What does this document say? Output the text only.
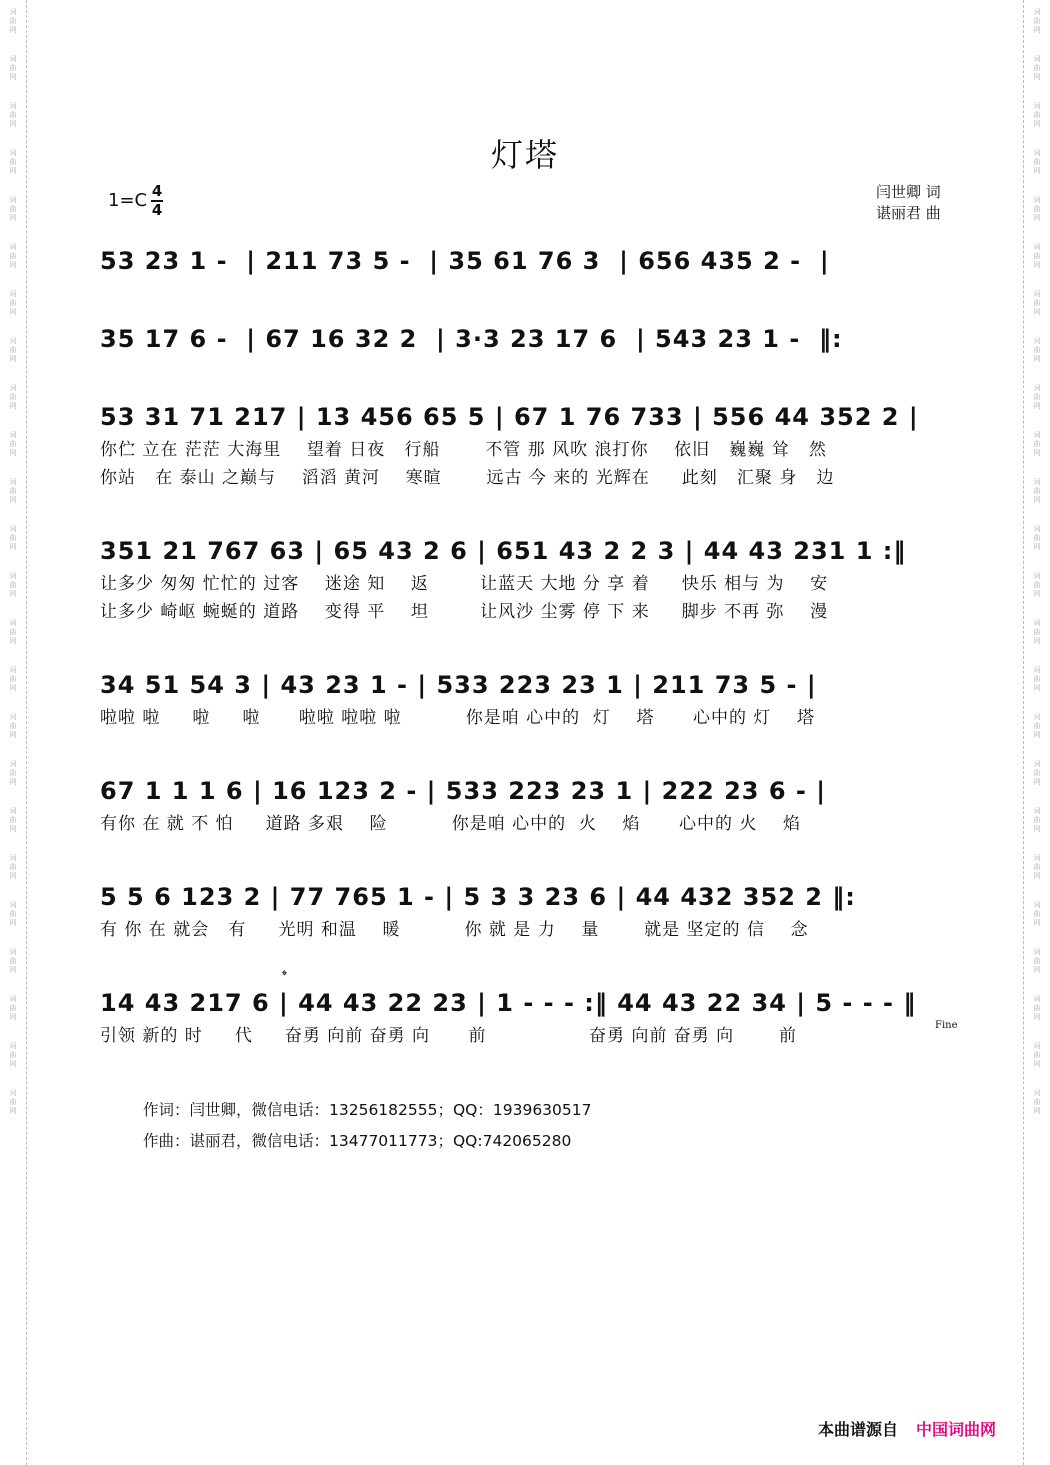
词曲网
词曲网
词曲网
词曲网
词曲网
词曲网
词曲网
词曲网
词曲网
词曲网
词曲网
词曲网
词曲网
词曲网
词曲网
词曲网
词曲网
词曲网
词曲网
词曲网
词曲网
词曲网
词曲网
词曲网
词曲网
词曲网
词曲网
词曲网
词曲网
词曲网
词曲网
词曲网
词曲网
词曲网
词曲网
词曲网
词曲网
词曲网
词曲网
词曲网
词曲网
词曲网
词曲网
词曲网
词曲网
词曲网
词曲网
词曲网
灯塔
1=C 4
4
闫世卿 词
谌丽君 曲
53 23 1 -  | 211 73 5 -  | 35 61 76 3  | 656 435 2 -  |
35 17 6 -  | 67 16 32 2  | 3·3 23 17 6  | 543 23 1 -  ‖:
53 31 71 217 | 13 456 65 5 | 67 1 76 733 | 556 44 352 2 |
你伫 立在 茫茫 大海里    望着 日夜   行船       不管 那 风吹 浪打你    依旧   巍巍 耸   然
你站   在 泰山 之巅与    滔滔 黄河    寒暄       远古 今 来的 光辉在     此刻   汇聚 身   边
351 21 767 63 | 65 43 2 6 | 651 43 2 2 3 | 44 43 231 1 :‖
让多少 匆匆 忙忙的 过客    迷途 知    返        让蓝天 大地 分 享 着     快乐 相与 为    安
让多少 崎岖 蜿蜒的 道路    变得 平    坦        让风沙 尘雾 停 下 来     脚步 不再 弥    漫
34 51 54 3 | 43 23 1 - | 533 223 23 1 | 211 73 5 - |
啦啦 啦     啦     啦      啦啦 啦啦 啦          你是咱 心中的  灯    塔      心中的 灯    塔
67 1 1 1 6 | 16 123 2 - | 533 223 23 1 | 222 23 6 - |
有你 在 就 不 怕     道路 多艰    险          你是咱 心中的  火    焰      心中的 火    焰
5 5 6 123 2 | 77 765 1 - | 5 3 3 23 6 | 44 432 352 2 ‖:
有 你 在 就会   有     光明 和温    暖          你 就 是 力    量       就是 坚定的 信    念
14 43 217 6 | 44 43 22 23 | 1 - - - :‖ 44 43 22 34 | 5 - - - ‖
引领 新的 时     代     奋勇 向前 奋勇 向      前                奋勇 向前 奋勇 向       前
𝄌
Fine
作词：闫世卿，微信电话：13256182555；QQ：1939630517
作曲：谌丽君，微信电话：13477011773；QQ:742065280
本曲谱源自 中国词曲网
